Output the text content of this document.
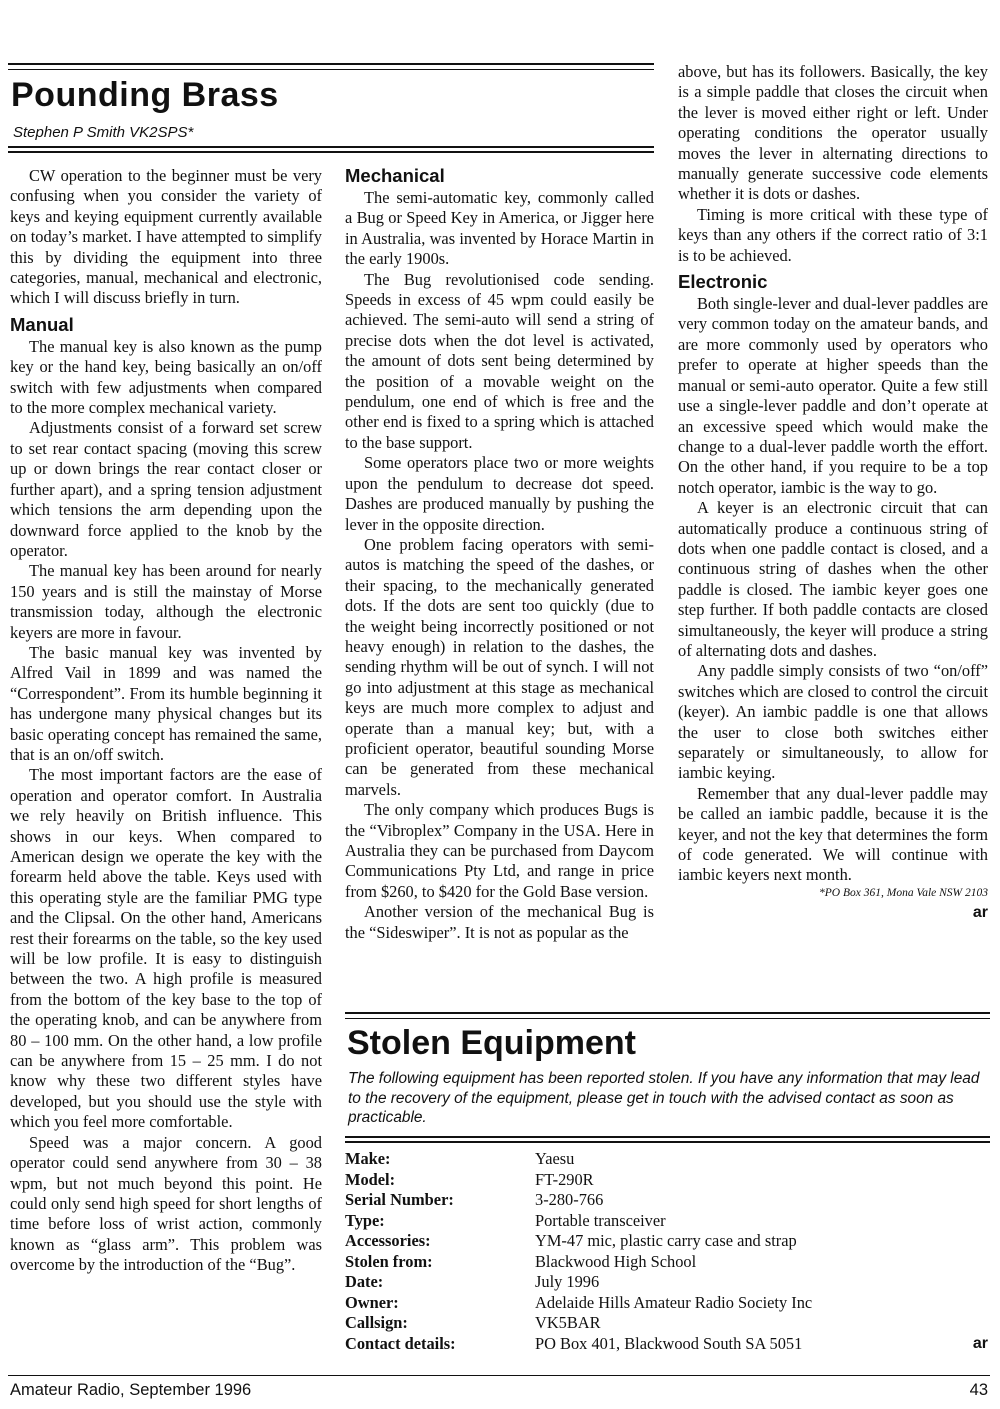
Pounding Brass
Stephen P Smith VK2SPS*

CW operation to the beginner must be very confusing when you consider the variety of keys and keying equipment currently available on today’s market. I have attempted to simplify this by dividing the equipment into three categories, manual, mechanical and electronic, which I will discuss briefly in turn.

Manual

The manual key is also known as the pump key or the hand key, being basically an on/off switch with few adjustments when compared to the more complex mechanical variety.

Adjustments consist of a forward set screw to set rear contact spacing (moving this screw up or down brings the rear contact closer or further apart), and a spring tension adjustment which tensions the arm depending upon the downward force applied to the knob by the operator.

The manual key has been around for nearly 150 years and is still the mainstay of Morse transmission today, although the electronic keyers are more in favour.

The basic manual key was invented by Alfred Vail in 1899 and was named the “Correspondent”. From its humble beginning it has undergone many physical changes but its basic operating concept has remained the same, that is an on/off switch.

The most important factors are the ease of operation and operator comfort. In Australia we rely heavily on British influence. This shows in our keys. When compared to American design we operate the key with the forearm held above the table. Keys used with this operating style are the familiar PMG type and the Clipsal. On the other hand, Americans rest their forearms on the table, so the key used will be low profile. It is easy to distinguish between the two. A high profile is measured from the bottom of the key base to the top of the operating knob, and can be anywhere from 80 – 100 mm. On the other hand, a low profile can be anywhere from 15 – 25 mm. I do not know why these two different styles have developed, but you should use the style with which you feel more comfortable.

Speed was a major concern. A good operator could send anywhere from 30 – 38 wpm, but not much beyond this point. He could only send high speed for short lengths of time before loss of wrist action, commonly known as “glass arm”. This problem was overcome by the introduction of the “Bug”.

Mechanical

The semi-automatic key, commonly called a Bug or Speed Key in America, or Jigger here in Australia, was invented by Horace Martin in the early 1900s.

The Bug revolutionised code sending. Speeds in excess of 45 wpm could easily be achieved. The semi-auto will send a string of precise dots when the dot level is activated, the amount of dots sent being determined by the position of a movable weight on the pendulum, one end of which is free and the other end is fixed to a spring which is attached to the base support.

Some operators place two or more weights upon the pendulum to decrease dot speed. Dashes are produced manually by pushing the lever in the opposite direction.

One problem facing operators with semi-autos is matching the speed of the dashes, or their spacing, to the mechanically generated dots. If the dots are sent too quickly (due to the weight being incorrectly positioned or not heavy enough) in relation to the dashes, the sending rhythm will be out of synch. I will not go into adjustment at this stage as mechanical keys are much more complex to adjust and operate than a manual key; but, with a proficient operator, beautiful sounding Morse can be generated from these mechanical marvels.

The only company which produces Bugs is the “Vibroplex” Company in the USA. Here in Australia they can be purchased from Daycom Communications Pty Ltd, and range in price from $260, to $420 for the Gold Base version.

Another version of the mechanical Bug is the “Sideswiper”. It is not as popular as the

above, but has its followers. Basically, the key is a simple paddle that closes the circuit when the lever is moved either right or left. Under operating conditions the operator usually moves the lever in alternating directions to manually generate successive code elements whether it is dots or dashes.

Timing is more critical with these type of keys than any others if the correct ratio of 3:1 is to be achieved.

Electronic

Both single-lever and dual-lever paddles are very common today on the amateur bands, and are more commonly used by operators who prefer to operate at higher speeds than the manual or semi-auto operator. Quite a few still use a single-lever paddle and don’t operate at an excessive speed which would make the change to a dual-lever paddle worth the effort. On the other hand, if you require to be a top notch operator, iambic is the way to go.

A keyer is an electronic circuit that can automatically produce a continuous string of dots when one paddle contact is closed, and a continuous string of dashes when the other paddle is closed. The iambic keyer goes one step further. If both paddle contacts are closed simultaneously, the keyer will produce a string of alternating dots and dashes.

Any paddle simply consists of two “on/off” switches which are closed to control the circuit (keyer). An iambic paddle is one that allows the user to close both switches either separately or simultaneously, to allow for iambic keying.

Remember that any dual-lever paddle may be called an iambic paddle, because it is the keyer, and not the key that determines the form of code generated. We will continue with iambic keyers next month.

*PO Box 361, Mona Vale NSW 2103
ar
Stolen Equipment
The following equipment has been reported stolen. If you have any information that may lead to the recovery of the equipment, please get in touch with the advised contact as soon as practicable.
Make:	Yaesu
Model:	FT-290R
Serial Number:	3-280-766
Type:	Portable transceiver
Accessories:	YM-47 mic, plastic carry case and strap
Stolen from:	Blackwood High School
Date:	July 1996
Owner:	Adelaide Hills Amateur Radio Society Inc
Callsign:	VK5BAR
Contact details:	PO Box 401, Blackwood South SA 5051	ar
Amateur Radio, September 1996	43
